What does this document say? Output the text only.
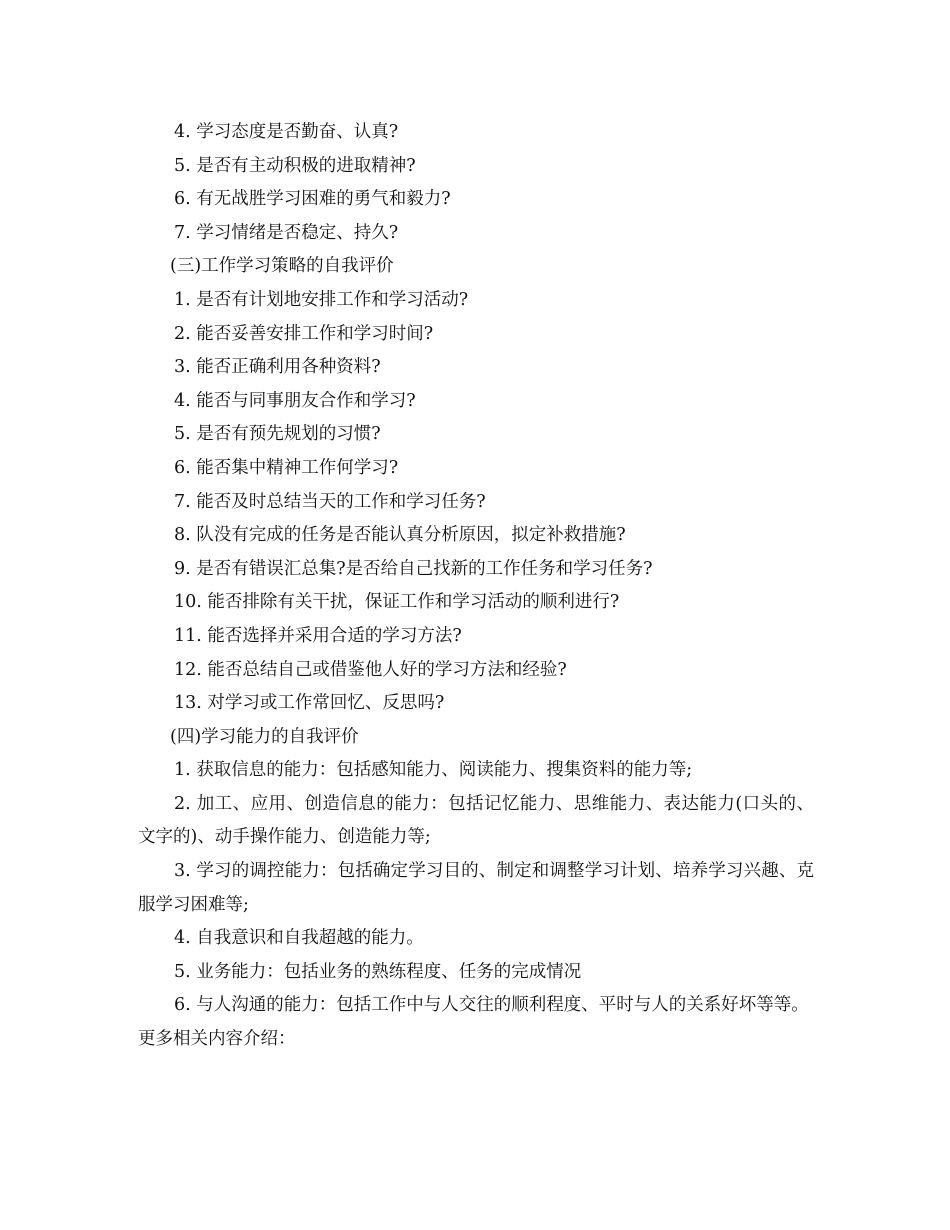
4. 学习态度是否勤奋、认真?

5. 是否有主动积极的进取精神?

6. 有无战胜学习困难的勇气和毅力?

7. 学习情绪是否稳定、持久?

(三)工作学习策略的自我评价

1. 是否有计划地安排工作和学习活动?

2. 能否妥善安排工作和学习时间?

3. 能否正确利用各种资料?

4. 能否与同事朋友合作和学习?

5. 是否有预先规划的习惯?

6. 能否集中精神工作何学习?

7. 能否及时总结当天的工作和学习任务?

8. 队没有完成的任务是否能认真分析原因，拟定补救措施?

9. 是否有错误汇总集?是否给自己找新的工作任务和学习任务?

10. 能否排除有关干扰，保证工作和学习活动的顺利进行?

11. 能否选择并采用合适的学习方法?

12. 能否总结自己或借鉴他人好的学习方法和经验?

13. 对学习或工作常回忆、反思吗?

(四)学习能力的自我评价

1. 获取信息的能力：包括感知能力、阅读能力、搜集资料的能力等;

2. 加工、应用、创造信息的能力：包括记忆能力、思维能力、表达能力(口头的、文字的)、动手操作能力、创造能力等;

3. 学习的调控能力：包括确定学习目的、制定和调整学习计划、培养学习兴趣、克服学习困难等;

4. 自我意识和自我超越的能力。

5. 业务能力：包括业务的熟练程度、任务的完成情况

6. 与人沟通的能力：包括工作中与人交往的顺利程度、平时与人的关系好坏等等。

更多相关内容介绍：
